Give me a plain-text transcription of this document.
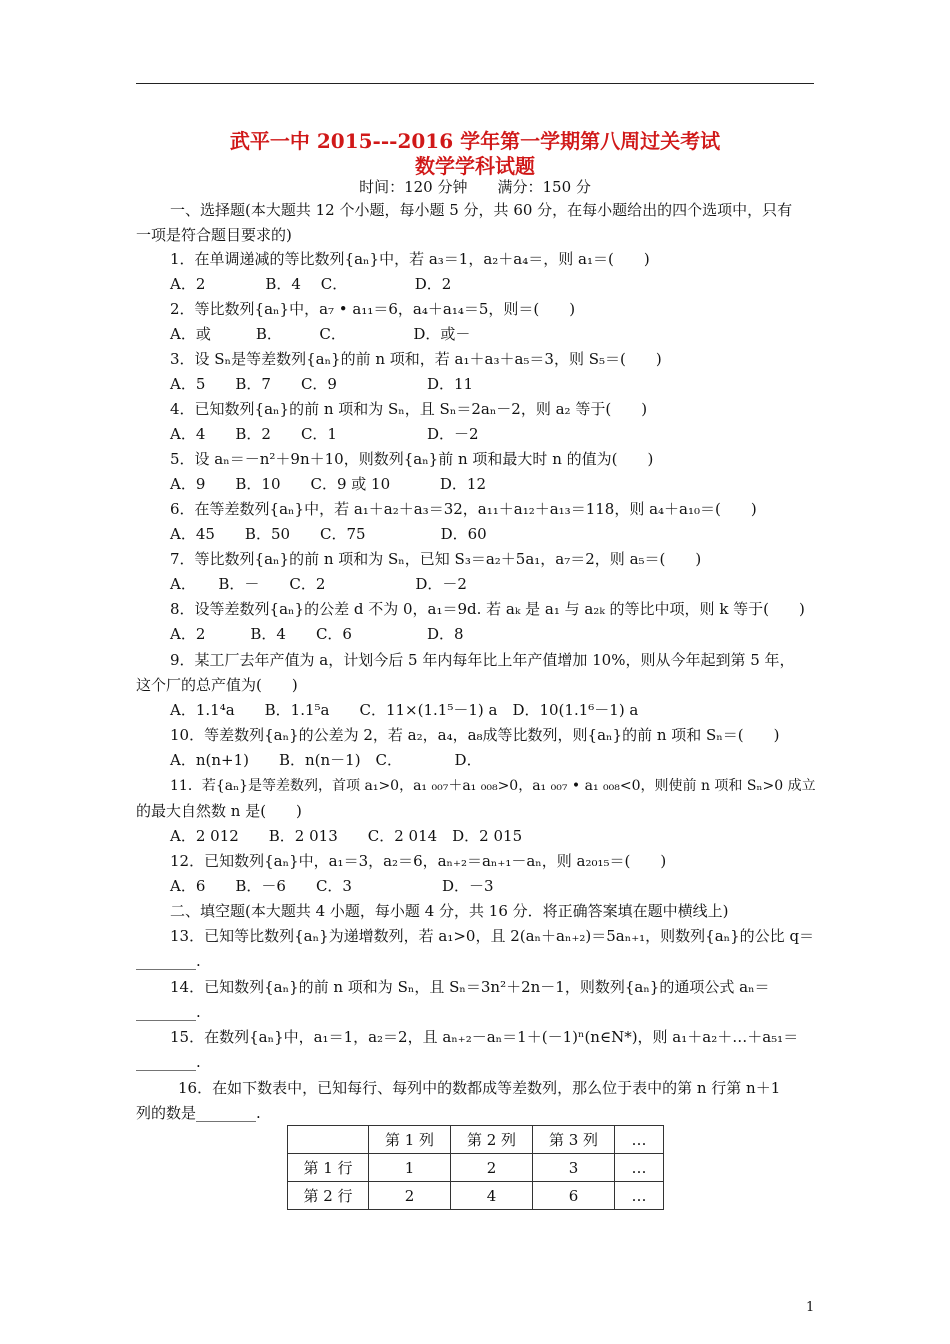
武平一中 2015---2016 学年第一学期第八周过关考试
数学学科试题
时间：120 分钟　　满分：150 分
一、选择题(本大题共 12 个小题，每小题 5 分，共 60 分，在每小题给出的四个选项中，只有
一项是符合题目要求的)
1．在单调递减的等比数列{aₙ}中，若 a₃＝1，a₂＋a₄＝，则 a₁＝(　　)
A．2　　　　B．4　 C．　　　　　D．2
2．等比数列{aₙ}中，a₇ • a₁₁＝6，a₄＋a₁₄＝5，则＝(　　)
A．或　　　B．　　　C．　　　　　D．或－
3．设 Sₙ是等差数列{aₙ}的前 n 项和，若 a₁＋a₃＋a₅＝3，则 S₅＝(　　)
A．5　　B．7　　C．9　　　　　　D．11
4．已知数列{aₙ}的前 n 项和为 Sₙ，且 Sₙ＝2aₙ－2，则 a₂ 等于(　　)
A．4　　B．2　　C．1　　　　　　D．－2
5．设 aₙ＝－n²＋9n＋10，则数列{aₙ}前 n 项和最大时 n 的值为(　　)
A．9　　B．10　　C．9 或 10　　　 D．12
6．在等差数列{aₙ}中，若 a₁＋a₂＋a₃＝32，a₁₁＋a₁₂＋a₁₃＝118，则 a₄＋a₁₀＝(　　)
A．45　　B．50　　C．75　　　　　D．60
7．等比数列{aₙ}的前 n 项和为 Sₙ，已知 S₃＝a₂＋5a₁，a₇＝2，则 a₅＝(　　)
A．　　B．－　　C．2　　　　　　D．－2
8．设等差数列{aₙ}的公差 d 不为 0，a₁＝9d. 若 aₖ 是 a₁ 与 a₂ₖ 的等比中项，则 k 等于(　　)
A．2　　　B．4　　C．6　　　　　D．8
9．某工厂去年产值为 a，计划今后 5 年内每年比上年产值增加 10%，则从今年起到第 5 年，
这个厂的总产值为(　　)
A．1.1⁴a　　B．1.1⁵a　　C．11×(1.1⁵－1) a　D．10(1.1⁶－1) a
10．等差数列{aₙ}的公差为 2，若 a₂，a₄，a₈成等比数列，则{aₙ}的前 n 项和 Sₙ＝(　　)
A．n(n+1)　　B．n(n－1)　C．　　　　D．
11．若{aₙ}是等差数列，首项 a₁>0，a₁ ₀₀₇＋a₁ ₀₀₈>0，a₁ ₀₀₇ • a₁ ₀₀₈<0，则使前 n 项和 Sₙ>0 成立
的最大自然数 n 是(　　)
A．2 012　　B．2 013　　C．2 014　D．2 015
12．已知数列{aₙ}中，a₁＝3，a₂＝6，aₙ₊₂＝aₙ₊₁－aₙ，则 a₂₀₁₅＝(　　)
A．6　　B．－6　　C．3　　　　　　D．－3
二、填空题(本大题共 4 小题，每小题 4 分，共 16 分．将正确答案填在题中横线上)
13．已知等比数列{aₙ}为递增数列，若 a₁>0，且 2(aₙ＋aₙ₊₂)＝5aₙ₊₁，则数列{aₙ}的公比 q＝
________.
14．已知数列{aₙ}的前 n 项和为 Sₙ，且 Sₙ＝3n²＋2n－1，则数列{aₙ}的通项公式 aₙ＝
________.
15．在数列{aₙ}中，a₁＝1，a₂＝2，且 aₙ₊₂－aₙ＝1＋(－1)ⁿ(n∈N*)，则 a₁＋a₂＋…＋a₅₁＝
________.
16．在如下数表中，已知每行、每列中的数都成等差数列，那么位于表中的第 n 行第 n＋1
列的数是________.
	第 1 列	第 2 列	第 3 列	…
第 1 行	1	2	3	…
第 2 行	2	4	6	…
1
